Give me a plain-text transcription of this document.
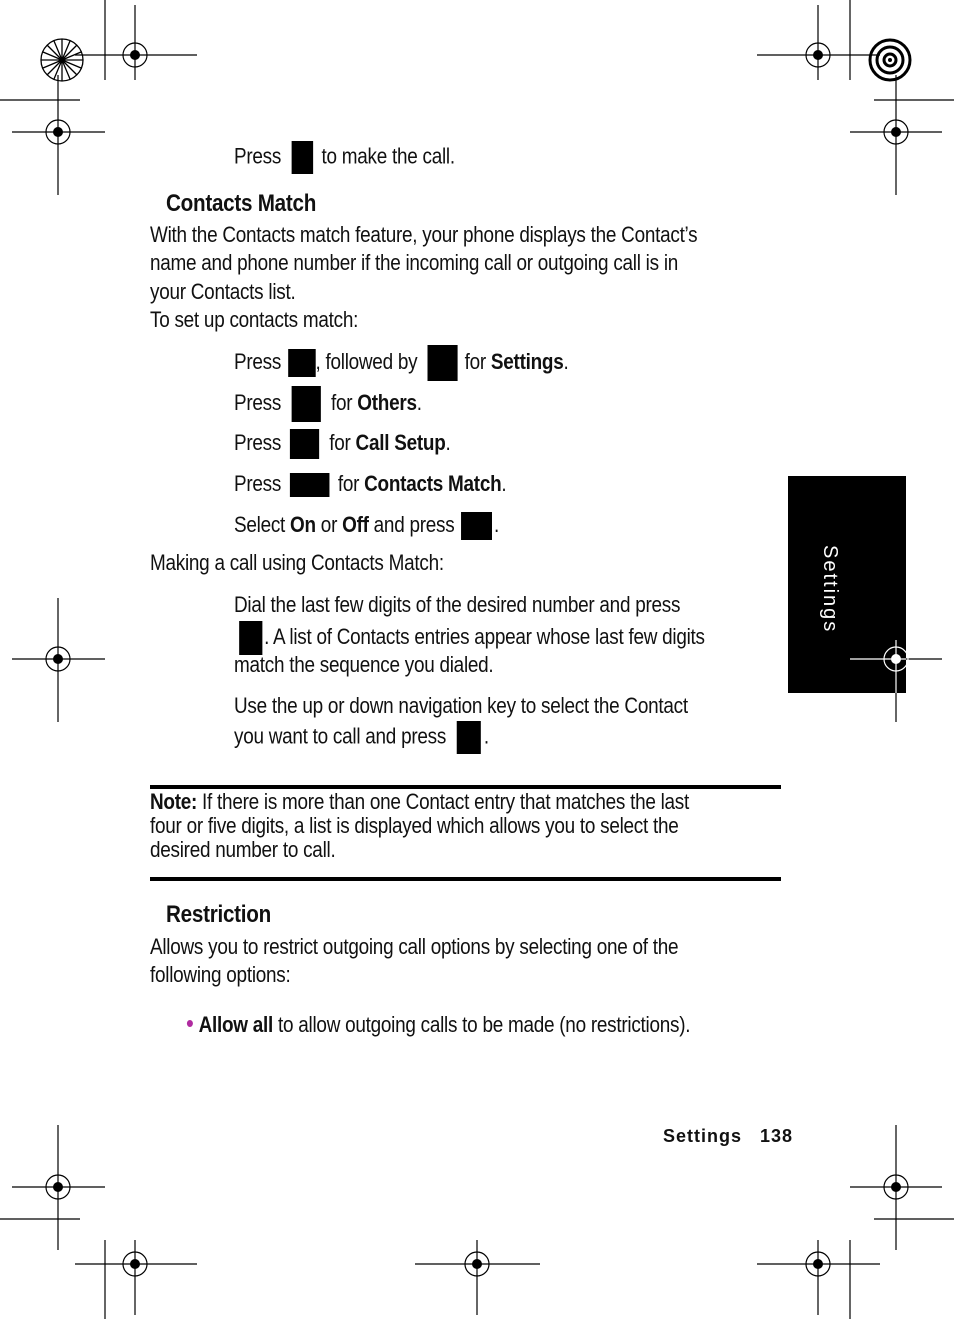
Settings
Press to make the call.
Contacts Match
With the Contacts match feature, your phone displays the Contact’s
name and phone number if the incoming call or outgoing call is in
your Contacts list.
To set up contacts match:
Press , followed by for Settings.
Press for Others.
Press for Call Setup.
Press	for Contacts Match.
Select On or Off and press .
Making a call using Contacts Match:
Dial the last few digits of the desired number and press
. A list of Contacts entries appear whose last few digits
match the sequence you dialed.
Use the up or down navigation key to select the Contact
you want to call and press .
Note: If there is more than one Contact entry that matches the last
four or five digits, a list is displayed which allows you to select the
desired number to call.
Restriction
Allows you to restrict outgoing call options by selecting one of the
following options:
• Allow all to allow outgoing calls to be made (no restrictions).
Settings 138
